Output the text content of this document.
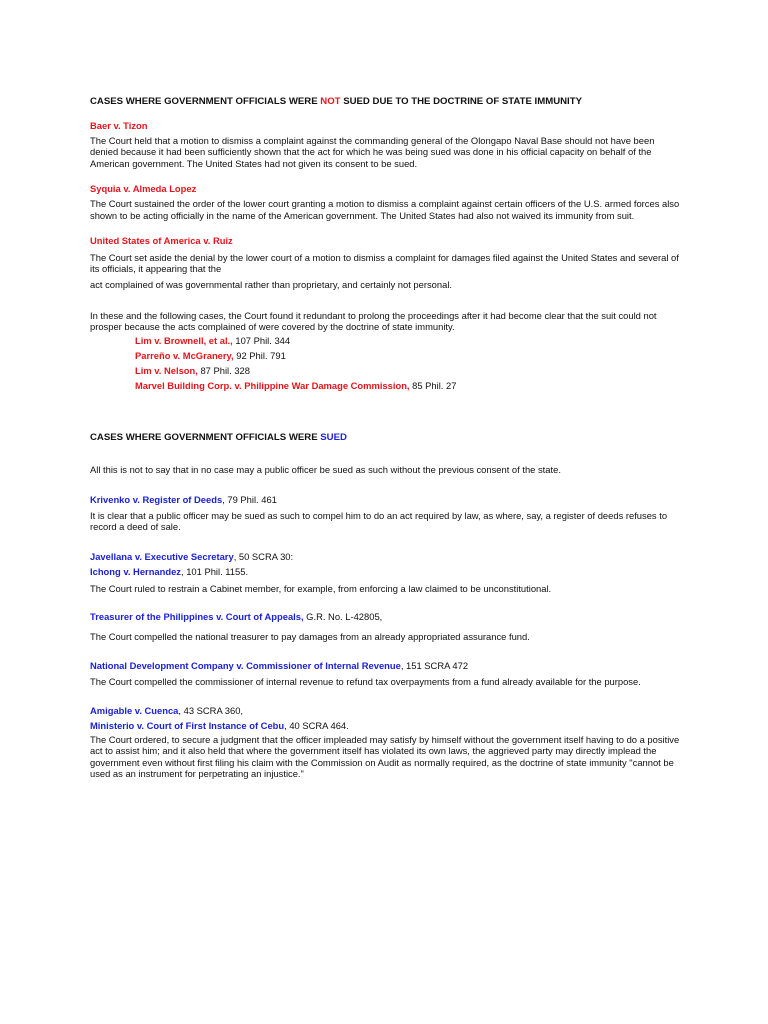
CASES WHERE GOVERNMENT OFFICIALS WERE NOT SUED DUE TO THE DOCTRINE OF STATE IMMUNITY

Baer v. Tizon

The Court held that a motion to dismiss a complaint against the commanding general of the Olongapo Naval Base should not have been denied because it had been sufficiently shown that the act for which he was being sued was done in his official capacity on behalf of the American government. The United States had not given its consent to be sued.

Syquia v. Almeda Lopez

The Court sustained the order of the lower court granting a motion to dismiss a complaint against certain officers of the U.S. armed forces also shown to be acting officially in the name of the American government. The United States had also not waived its immunity from suit.

United States of America v. Ruiz

The Court set aside the denial by the lower court of a motion to dismiss a complaint for damages filed against the United States and several of its officials, it appearing that the

act complained of was governmental rather than proprietary, and certainly not personal.

In these and the following cases, the Court found it redundant to prolong the proceedings after it had become clear that the suit could not prosper because the acts complained of were covered by the doctrine of state immunity.

Lim v. Brownell, et al., 107 Phil. 344

Parreño v. McGranery, 92 Phil. 791

Lim v. Nelson, 87 Phil. 328

Marvel Building Corp. v. Philippine War Damage Commission, 85 Phil. 27

CASES WHERE GOVERNMENT OFFICIALS WERE SUED

All this is not to say that in no case may a public officer be sued as such without the previous consent of the state.

Krivenko v. Register of Deeds, 79 Phil. 461

It is clear that a public officer may be sued as such to compel him to do an act required by law, as where, say, a register of deeds refuses to record a deed of sale.

Javellana v. Executive Secretary, 50 SCRA 30:

Ichong v. Hernandez, 101 Phil. 1155.

The Court ruled to restrain a Cabinet member, for example, from enforcing a law claimed to be unconstitutional.

Treasurer of the Philippines v. Court of Appeals, G.R. No. L-42805,

The Court compelled the national treasurer to pay damages from an already appropriated assurance fund.

National Development Company v. Commissioner of Internal Revenue, 151 SCRA 472

The Court compelled the commissioner of internal revenue to refund tax overpayments from a fund already available for the purpose.

Amigable v. Cuenca, 43 SCRA 360,

Ministerio v. Court of First Instance of Cebu, 40 SCRA 464.

The Court ordered, to secure a judgment that the officer impleaded may satisfy by himself without the government itself having to do a positive act to assist him; and it also held that where the government itself has violated its own laws, the aggrieved party may directly implead the government even without first filing his claim with the Commission on Audit as normally required, as the doctrine of state immunity "cannot be used as an instrument for perpetrating an injustice."
